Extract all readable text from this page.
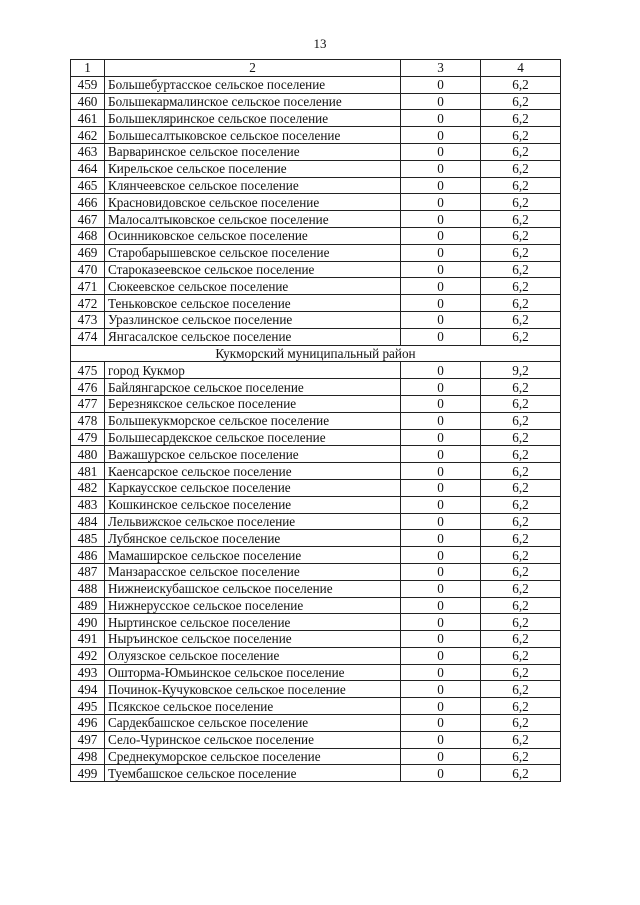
13
1	2	3	4
459	Большебуртасское сельское поселение	0	6,2
460	Большекармалинское сельское поселение	0	6,2
461	Большекляринское сельское поселение	0	6,2
462	Большесалтыковское сельское поселение	0	6,2
463	Варваринское сельское поселение	0	6,2
464	Кирельское сельское поселение	0	6,2
465	Клянчеевское сельское поселение	0	6,2
466	Красновидовское сельское поселение	0	6,2
467	Малосалтыковское сельское поселение	0	6,2
468	Осинниковское сельское поселение	0	6,2
469	Старобарышевское сельское поселение	0	6,2
470	Староказеевское сельское поселение	0	6,2
471	Сюкеевское сельское поселение	0	6,2
472	Теньковское сельское поселение	0	6,2
473	Уразлинское сельское поселение	0	6,2
474	Янгасалское сельское поселение	0	6,2
Кукморский муниципальный район			
475	город Кукмор	0	9,2
476	Байлянгарское сельское поселение	0	6,2
477	Березнякское сельское поселение	0	6,2
478	Большекукморское сельское поселение	0	6,2
479	Большесардекское сельское поселение	0	6,2
480	Важашурское сельское поселение	0	6,2
481	Каенсарское сельское поселение	0	6,2
482	Каркаусское сельское поселение	0	6,2
483	Кошкинское сельское поселение	0	6,2
484	Лельвижское сельское поселение	0	6,2
485	Лубянское сельское поселение	0	6,2
486	Мамаширское сельское поселение	0	6,2
487	Манзарасское сельское поселение	0	6,2
488	Нижнеискубашское сельское поселение	0	6,2
489	Нижнерусское сельское поселение	0	6,2
490	Ныртинское сельское поселение	0	6,2
491	Ныръинское сельское поселение	0	6,2
492	Олуязское сельское поселение	0	6,2
493	Ошторма-Юмьинское сельское поселение	0	6,2
494	Починок-Кучуковское сельское поселение	0	6,2
495	Псякское сельское поселение	0	6,2
496	Сардекбашское сельское поселение	0	6,2
497	Село-Чуринское сельское поселение	0	6,2
498	Среднекуморское сельское поселение	0	6,2
499	Туембашское сельское поселение	0	6,2
